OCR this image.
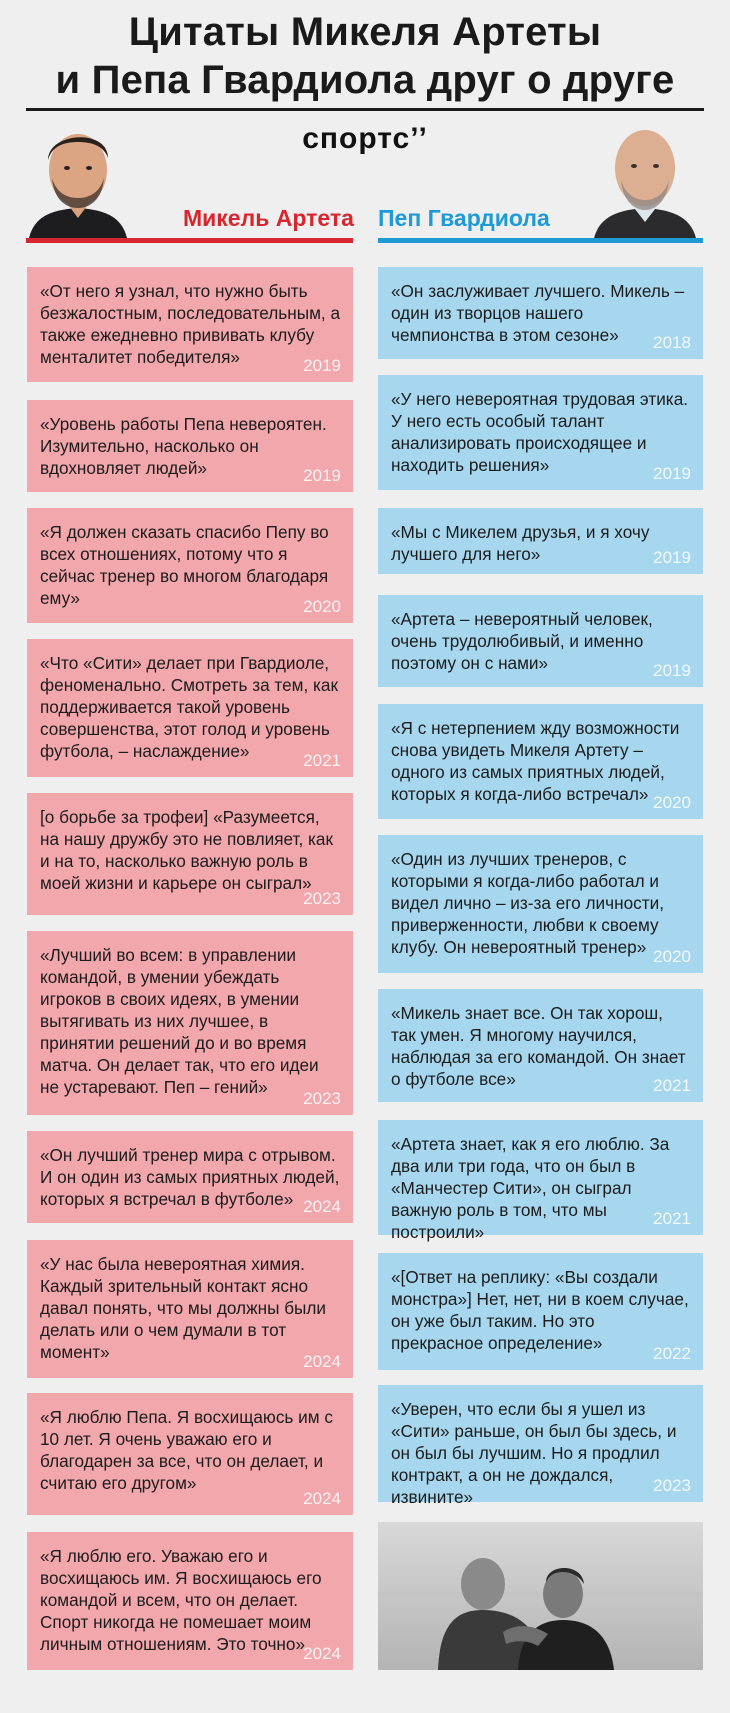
Цитаты Микеля Артеты
и Пепа Гвардиола друг о друге
спортс’’
Микель Артета Пеп Гвардиола
«От него я узнал, что нужно быть безжалостным, последовательным, а также ежедневно прививать клубу менталитет победителя»	2019
«Уровень работы Пепа невероятен. Изумительно, насколько он вдохновляет людей»	2019
«Я должен сказать спасибо Пепу во всех отношениях, потому что я сейчас тренер во многом благодаря ему»	2020
«Что «Сити» делает при Гвардиоле, феноменально. Смотреть за тем, как поддерживается такой уровень совершенства, этот голод и уровень футбола, – наслаждение»	2021
[о борьбе за трофеи] «Разумеется, на нашу дружбу это не повлияет, как и на то, насколько важную роль в моей жизни и карьере он сыграл»
2023
«Лучший во всем: в управлении командой, в умении убеждать игроков в своих идеях, в умении вытягивать из них лучшее, в принятии решений до и во время матча. Он делает так, что его идеи не устаревают. Пеп – гений»
2023
«Он лучший тренер мира с отрывом. И он один из самых приятных людей, которых я встречал в футболе» 2024
«У нас была невероятная химия. Каждый зрительный контакт ясно давал понять, что мы должны были делать или о чем думали в тот момент»	2024
«Я люблю Пепа. Я восхищаюсь им с 10 лет. Я очень уважаю его и благодарен за все, что он делает, и считаю его другом»
2024
«Я люблю его. Уважаю его и восхищаюсь им. Я восхищаюсь его командой и всем, что он делает. Спорт никогда не помешает моим личным отношениям. Это точно»
2024
«Он заслуживает лучшего. Микель – один из творцов нашего чемпионства в этом сезоне» 2018
«У него невероятная трудовая этика. У него есть особый талант анализировать происходящее и находить решения»	2019
«Мы с Микелем друзья, и я хочу лучшего для него»	2019
«Артета – невероятный человек, очень трудолюбивый, и именно поэтому он с нами»	2019
«Я с нетерпением жду возможности снова увидеть Микеля Артету – одного из самых приятных людей, которых я когда-либо встречал» 2020
«Один из лучших тренеров, с которыми я когда-либо работал и видел лично – из-за его личности, приверженности, любви к своему клубу. Он невероятный тренер» 2020
«Микель знает все. Он так хорош, так умен. Я многому научился, наблюдая за его командой. Он знает о футболе все»	2021
«Артета знает, как я его люблю. За два или три года, что он был в «Манчестер Сити», он сыграл важную роль в том, что мы построили»
2021
«[Ответ на реплику: «Вы создали монстра»] Нет, нет, ни в коем случае, он уже был таким. Но это прекрасное определение»
2022
«Уверен, что если бы я ушел из «Сити» раньше, он был бы здесь, и он был бы лучшим. Но я продлил контракт, а он не дождался, извините»
2023
